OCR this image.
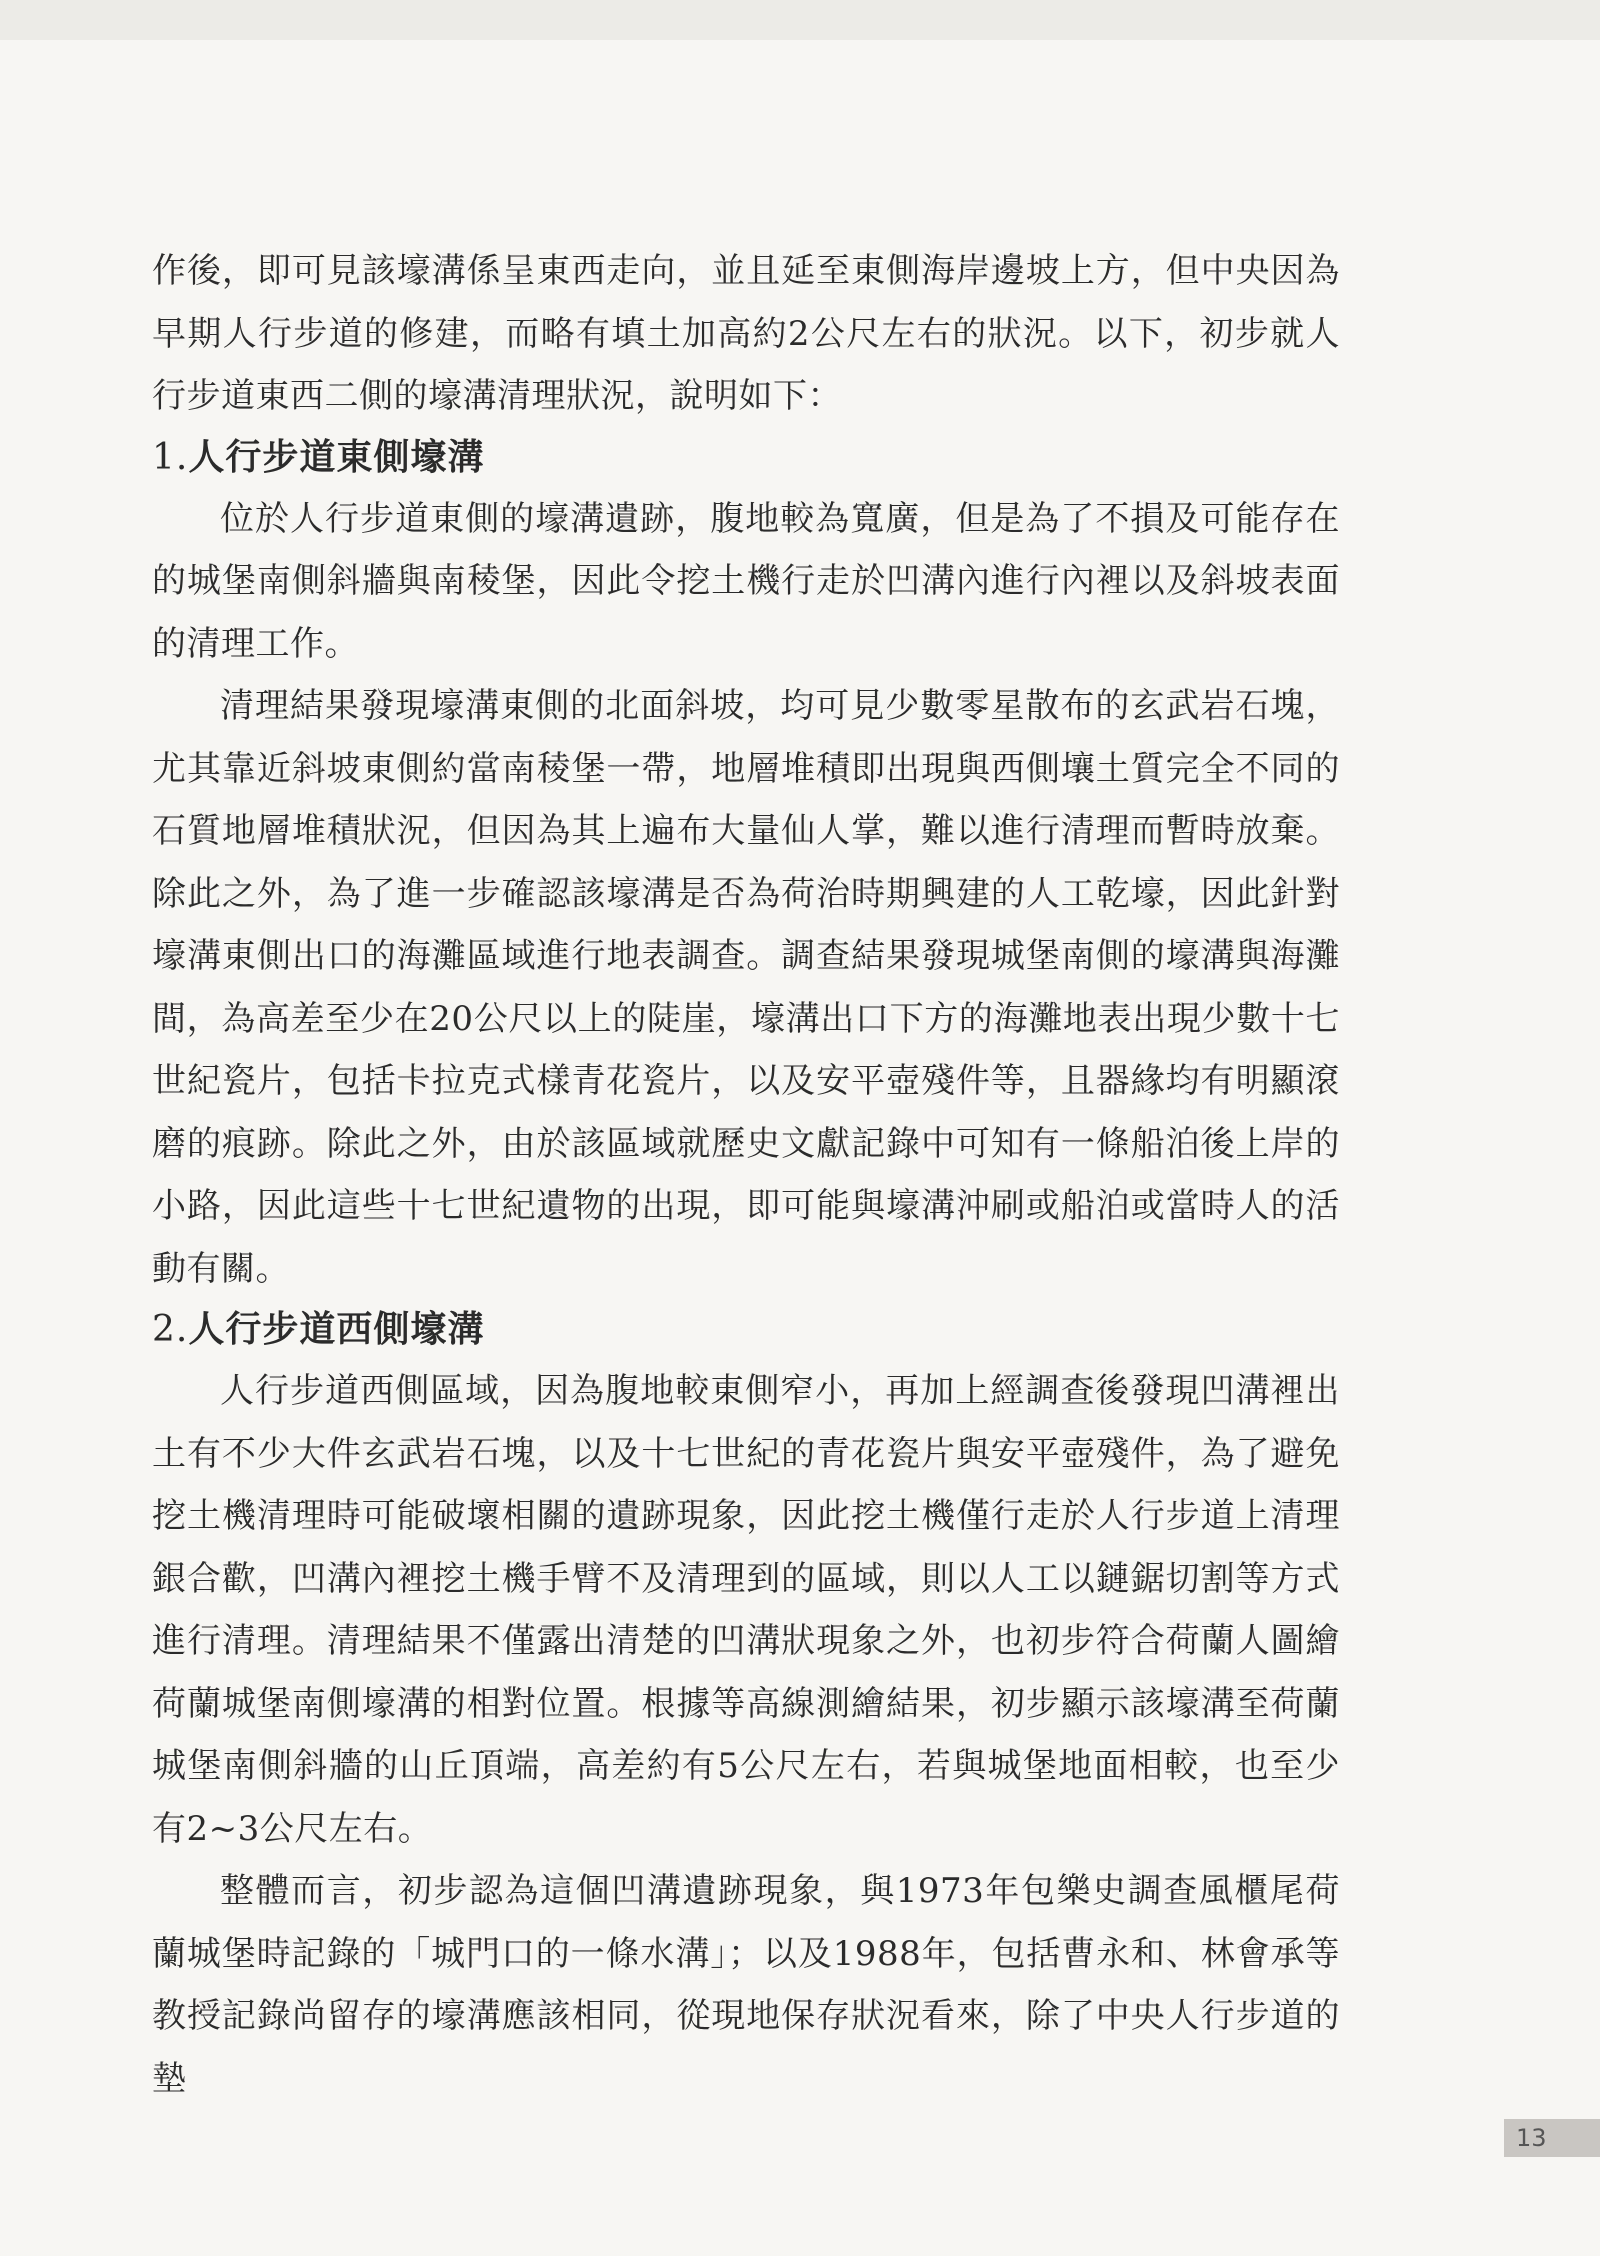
作後，即可見該壕溝係呈東西走向，並且延至東側海岸邊坡上方，但中央因為早期人行步道的修建，而略有填土加高約2公尺左右的狀況。以下，初步就人行步道東西二側的壕溝清理狀況，說明如下：

1.人行步道東側壕溝

位於人行步道東側的壕溝遺跡，腹地較為寬廣，但是為了不損及可能存在的城堡南側斜牆與南稜堡，因此令挖土機行走於凹溝內進行內裡以及斜坡表面的清理工作。

清理結果發現壕溝東側的北面斜坡，均可見少數零星散布的玄武岩石塊，尤其靠近斜坡東側約當南稜堡一帶，地層堆積即出現與西側壤土質完全不同的石質地層堆積狀況，但因為其上遍布大量仙人掌，難以進行清理而暫時放棄。除此之外，為了進一步確認該壕溝是否為荷治時期興建的人工乾壕，因此針對壕溝東側出口的海灘區域進行地表調查。調查結果發現城堡南側的壕溝與海灘間，為高差至少在20公尺以上的陡崖，壕溝出口下方的海灘地表出現少數十七世紀瓷片，包括卡拉克式樣青花瓷片，以及安平壺殘件等，且器緣均有明顯滾磨的痕跡。除此之外，由於該區域就歷史文獻記錄中可知有一條船泊後上岸的小路，因此這些十七世紀遺物的出現，即可能與壕溝沖刷或船泊或當時人的活動有關。

2.人行步道西側壕溝

人行步道西側區域，因為腹地較東側窄小，再加上經調查後發現凹溝裡出土有不少大件玄武岩石塊，以及十七世紀的青花瓷片與安平壺殘件，為了避免挖土機清理時可能破壞相關的遺跡現象，因此挖土機僅行走於人行步道上清理銀合歡，凹溝內裡挖土機手臂不及清理到的區域，則以人工以鏈鋸切割等方式進行清理。清理結果不僅露出清楚的凹溝狀現象之外，也初步符合荷蘭人圖繪荷蘭城堡南側壕溝的相對位置。根據等高線測繪結果，初步顯示該壕溝至荷蘭城堡南側斜牆的山丘頂端，高差約有5公尺左右，若與城堡地面相較，也至少有2~3公尺左右。

整體而言，初步認為這個凹溝遺跡現象，與1973年包樂史調查風櫃尾荷蘭城堡時記錄的「城門口的一條水溝」；以及1988年，包括曹永和、林會承等教授記錄尚留存的壕溝應該相同，從現地保存狀況看來，除了中央人行步道的墊

13
